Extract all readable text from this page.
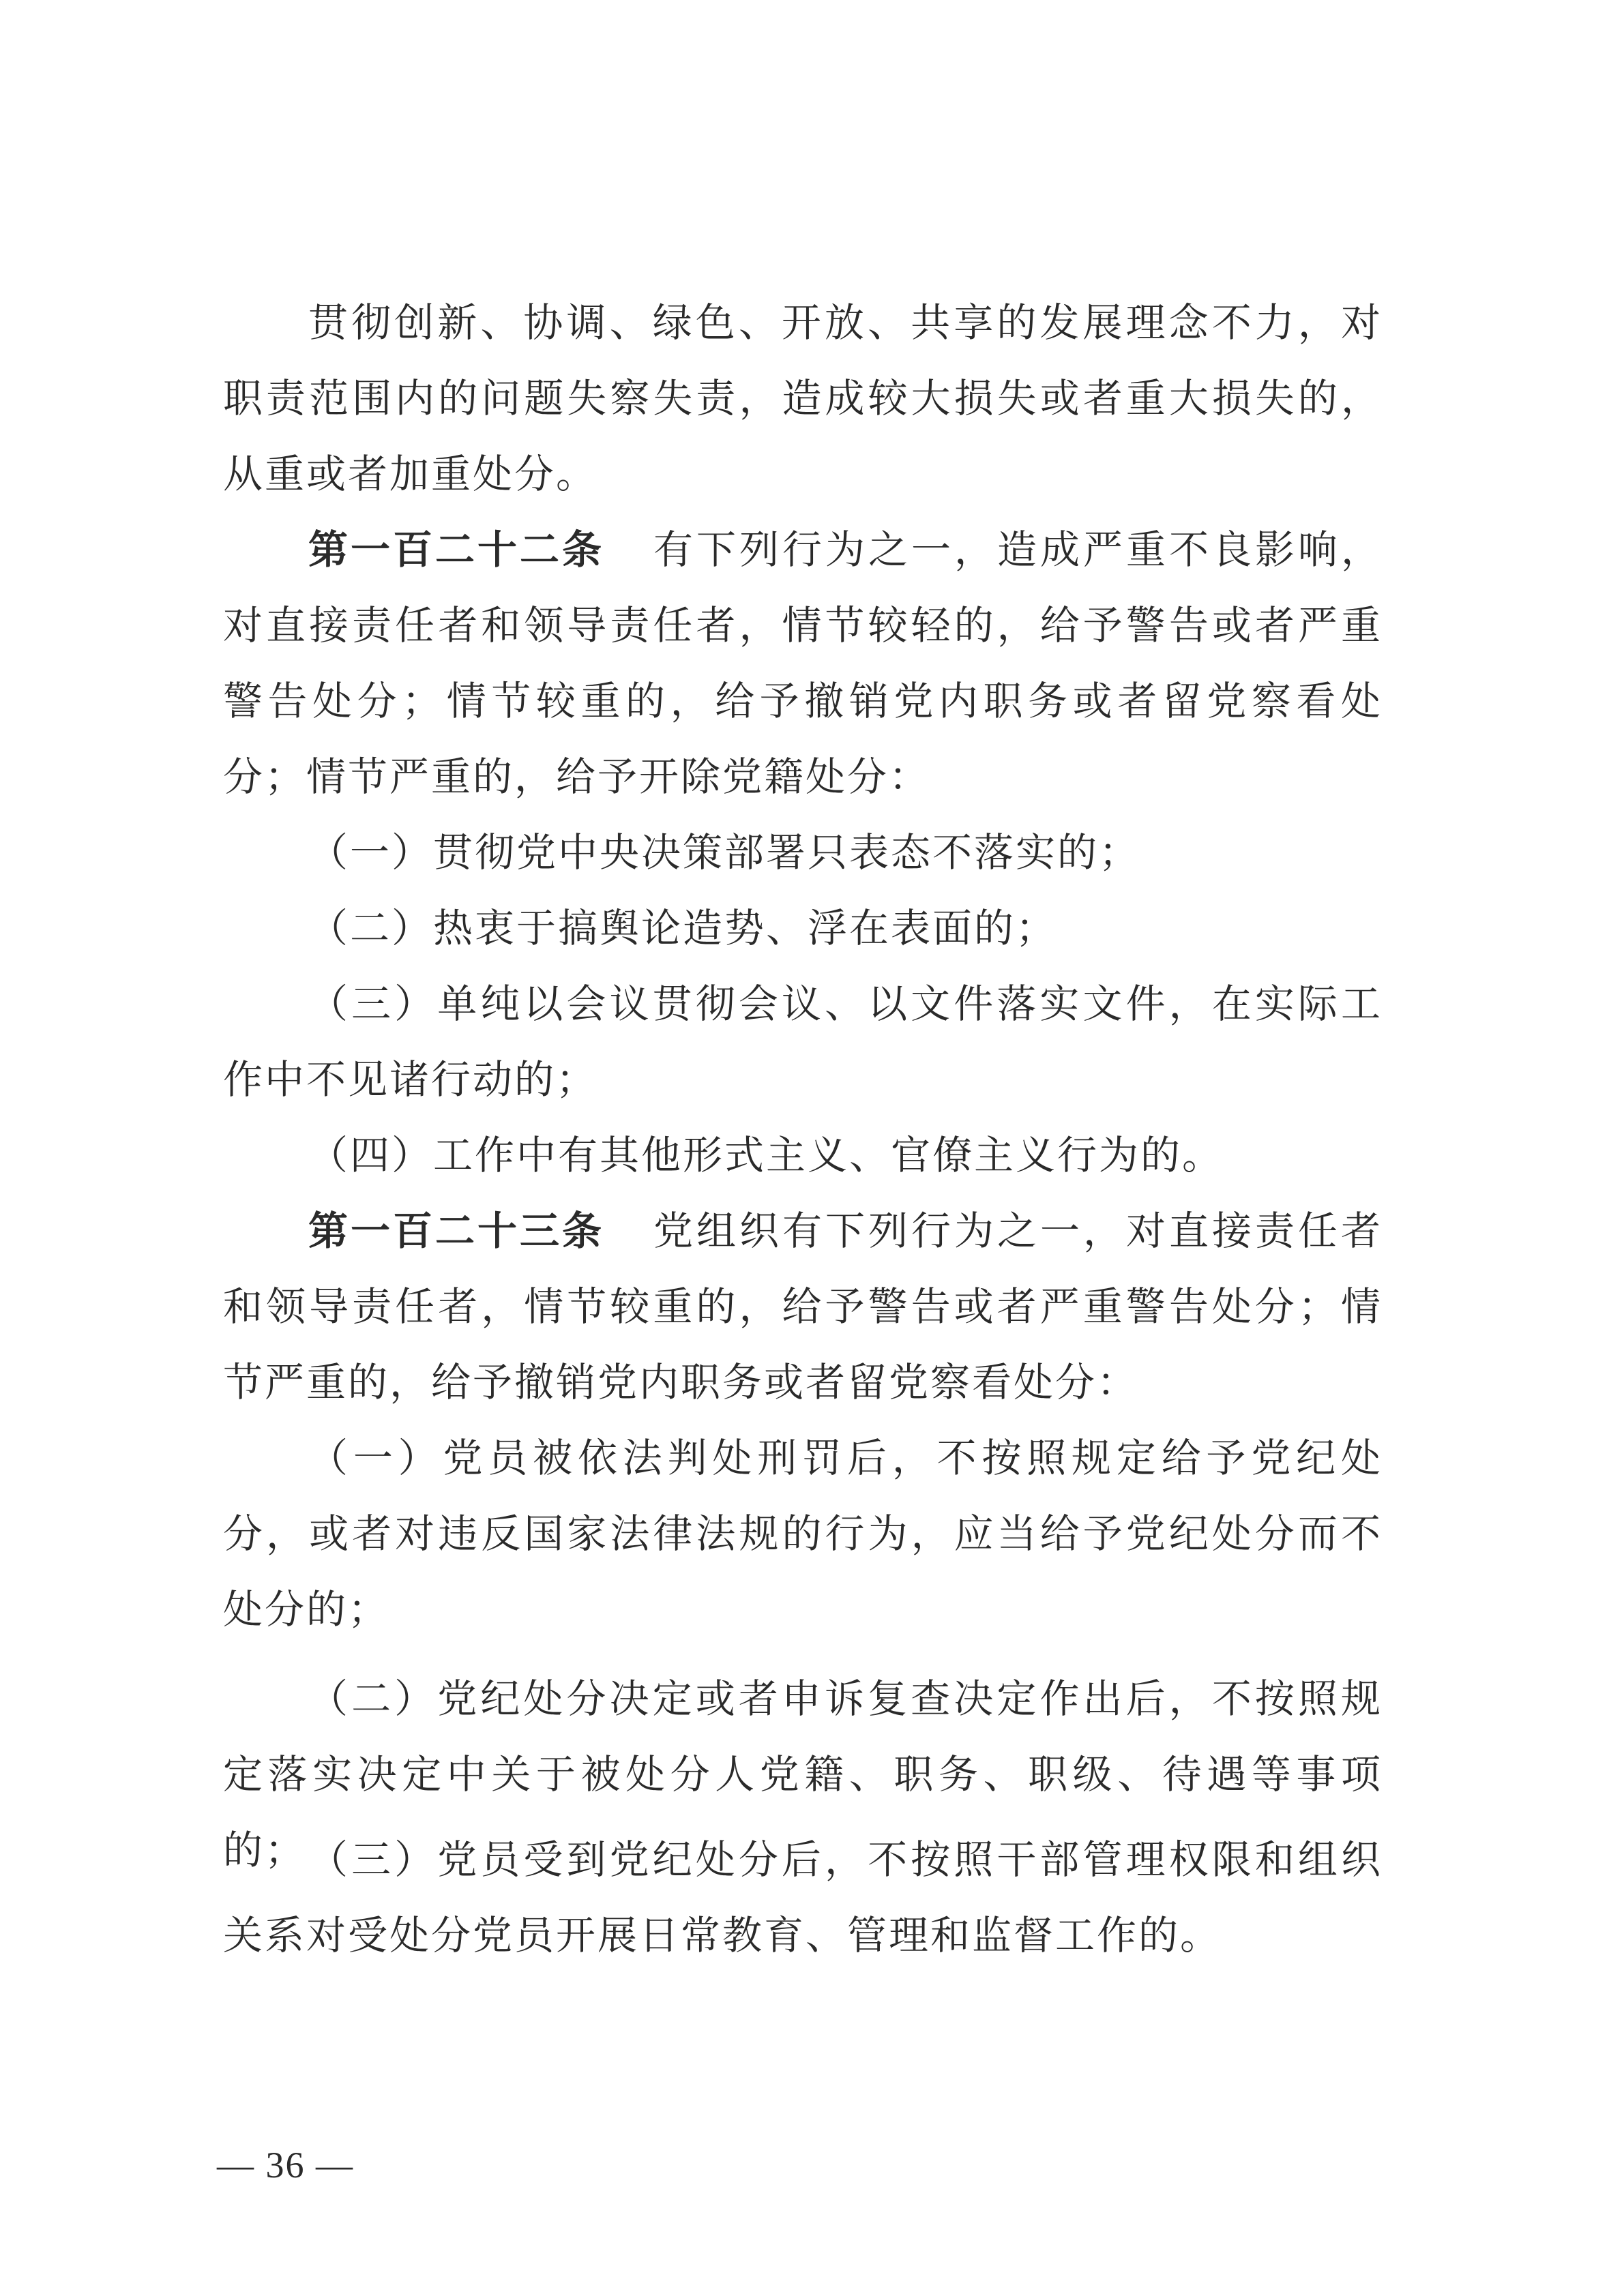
贯彻创新、协调、绿色、开放、共享的发展理念不力，对职责范围内的问题失察失责，造成较大损失或者重大损失的，从重或者加重处分。

第一百二十二条 有下列行为之一，造成严重不良影响，对直接责任者和领导责任者，情节较轻的，给予警告或者严重警告处分；情节较重的，给予撤销党内职务或者留党察看处分；情节严重的，给予开除党籍处分：

（一）贯彻党中央决策部署只表态不落实的；

（二）热衷于搞舆论造势、浮在表面的；

（三）单纯以会议贯彻会议、以文件落实文件，在实际工作中不见诸行动的；

（四）工作中有其他形式主义、官僚主义行为的。

第一百二十三条 党组织有下列行为之一，对直接责任者和领导责任者，情节较重的，给予警告或者严重警告处分；情节严重的，给予撤销党内职务或者留党察看处分：

（一）党员被依法判处刑罚后，不按照规定给予党纪处分，或者对违反国家法律法规的行为，应当给予党纪处分而不处分的；

（二）党纪处分决定或者申诉复查决定作出后，不按照规定落实决定中关于被处分人党籍、职务、职级、待遇等事项的； （三）党员受到党纪处分后，不按照干部管理权限和组织关系对受处分党员开展日常教育、管理和监督工作的。

— 36 —
